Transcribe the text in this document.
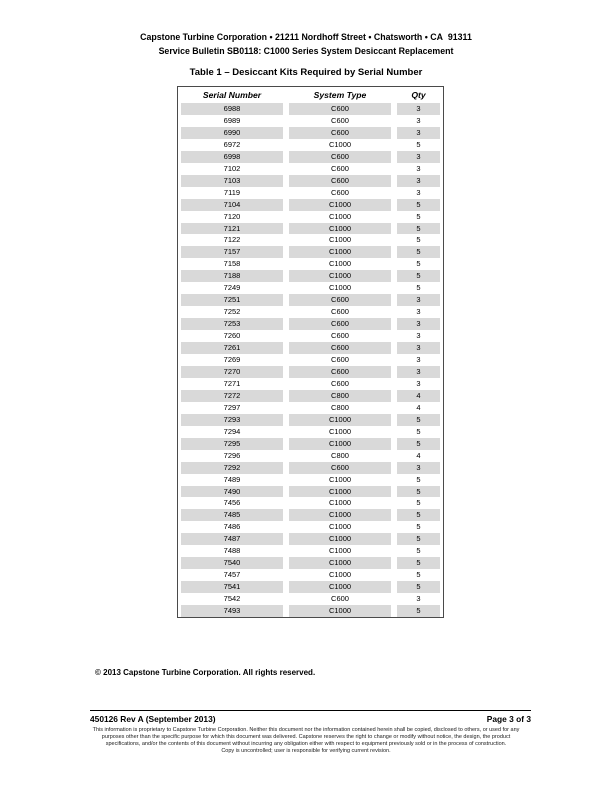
Capstone Turbine Corporation • 21211 Nordhoff Street • Chatsworth • CA  91311
Service Bulletin SB0118: C1000 Series System Desiccant Replacement
Table 1 – Desiccant Kits Required by Serial Number
Serial Number	System Type	Qty
6988	C600	3
6989	C600	3
6990	C600	3
6972	C1000	5
6998	C600	3
7102	C600	3
7103	C600	3
7119	C600	3
7104	C1000	5
7120	C1000	5
7121	C1000	5
7122	C1000	5
7157	C1000	5
7158	C1000	5
7188	C1000	5
7249	C1000	5
7251	C600	3
7252	C600	3
7253	C600	3
7260	C600	3
7261	C600	3
7269	C600	3
7270	C600	3
7271	C600	3
7272	C800	4
7297	C800	4
7293	C1000	5
7294	C1000	5
7295	C1000	5
7296	C800	4
7292	C600	3
7489	C1000	5
7490	C1000	5
7456	C1000	5
7485	C1000	5
7486	C1000	5
7487	C1000	5
7488	C1000	5
7540	C1000	5
7457	C1000	5
7541	C1000	5
7542	C600	3
7493	C1000	5
© 2013 Capstone Turbine Corporation. All rights reserved.
450126 Rev A (September 2013)	Page 3 of 3
This information is proprietary to Capstone Turbine Corporation. Neither this document nor the information contained herein shall be copied, disclosed to others, or used for any
purposes other than the specific purpose for which this document was delivered. Capstone reserves the right to change or modify without notice, the design, the product
specifications, and/or the contents of this document without incurring any obligation either with respect to equipment previously sold or in the process of construction.
Copy is uncontrolled; user is responsible for verifying current revision.
